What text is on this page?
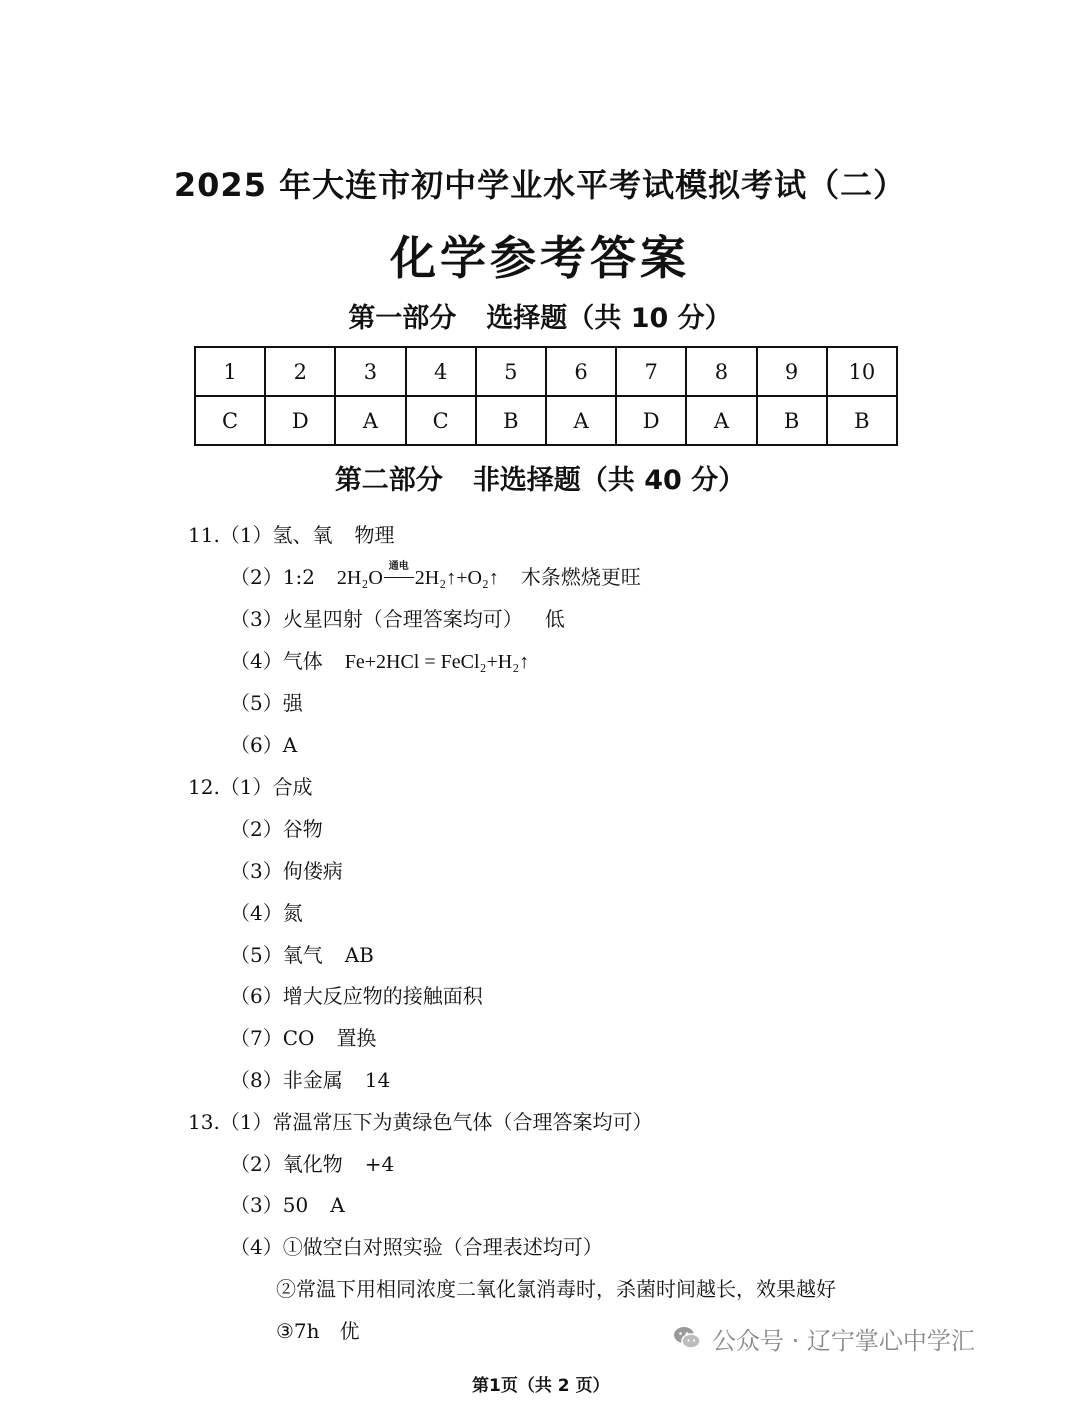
2025 年大连市初中学业水平考试模拟考试（二）
化学参考答案
第一部分 选择题（共 10 分）
1	2	3	4	5	6	7	8	9	10
C	D	A	C	B	A	D	A	B	B
第二部分 非选择题（共 40 分）
11.（1）氢、氧 物理
（2）1:2 2H₂O
通电
2H₂↑+O₂↑ 木条燃烧更旺
（3）火星四射（合理答案均可） 低
（4）气体 Fe+2HCl = FeCl₂+H₂↑
（5）强
（6）A
12.（1）合成
（2）谷物
（3）佝偻病
（4）氮
（5）氧气 AB
（6）增大反应物的接触面积
（7）CO 置换
（8）非金属 14
13.（1）常温常压下为黄绿色气体（合理答案均可）
（2）氧化物 +4
（3）50 A
（4）①做空白对照实验（合理表述均可）
②常温下用相同浓度二氧化氯消毒时，杀菌时间越长，效果越好
③7h　优
第1页（共 2 页）
公众号 · 辽宁掌心中学汇
